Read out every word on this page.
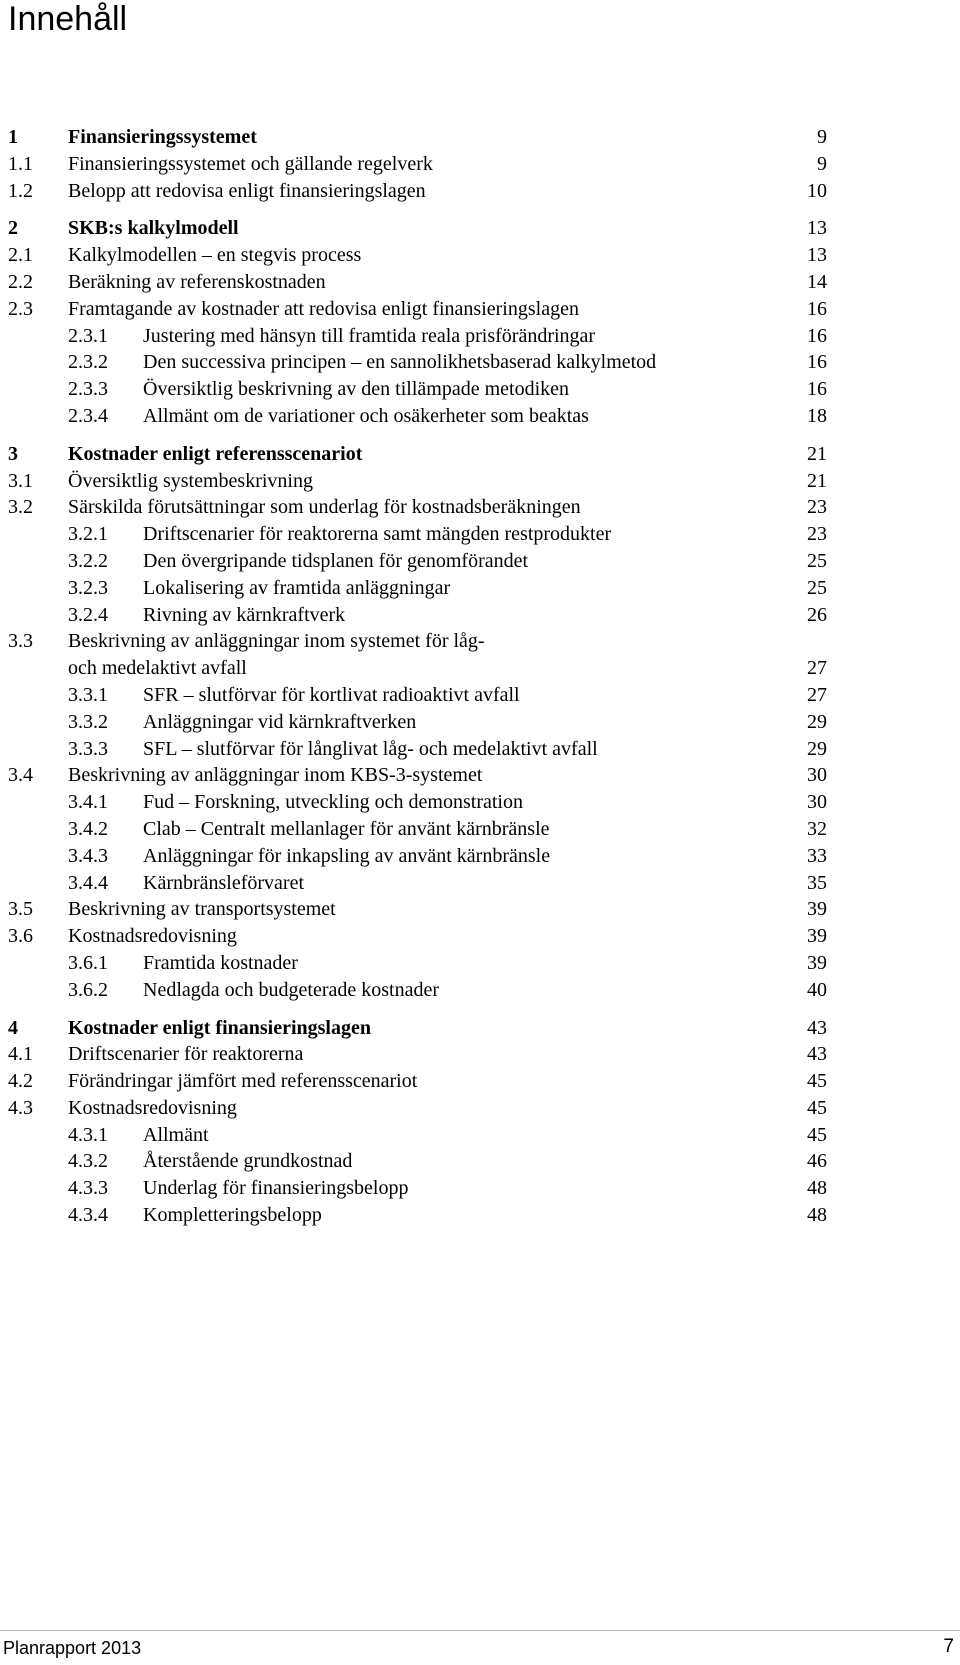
Innehåll
1	Finansieringssystemet	9
1.1 Finansieringssystemet och gällande regelverk	9
1.2 Belopp att redovisa enligt finansieringslagen	10
2	SKB:s kalkylmodell	13
2.1 Kalkylmodellen – en stegvis process	13
2.2 Beräkning av referenskostnaden	14
2.3 Framtagande av kostnader att redovisa enligt finansieringslagen	16
2.3.1 Justering med hänsyn till framtida reala prisförändringar	16
2.3.2 Den successiva principen – en sannolikhetsbaserad kalkylmetod	16
2.3.3 Översiktlig beskrivning av den tillämpade metodiken	16
2.3.4 Allmänt om de variationer och osäkerheter som beaktas	18
3	Kostnader enligt referensscenariot	21
3.1 Översiktlig systembeskrivning	21
3.2 Särskilda förutsättningar som underlag för kostnadsberäkningen	23
3.2.1 Driftscenarier för reaktorerna samt mängden restprodukter	23
3.2.2 Den övergripande tidsplanen för genomförandet	25
3.2.3 Lokalisering av framtida anläggningar	25
3.2.4 Rivning av kärnkraftverk	26
3.3 Beskrivning av anläggningar inom systemet för låg-
och medelaktivt avfall	27
3.3.1 SFR – slutförvar för kortlivat radioaktivt avfall	27
3.3.2 Anläggningar vid kärnkraftverken	29
3.3.3 SFL – slutförvar för långlivat låg- och medelaktivt avfall	29
3.4 Beskrivning av anläggningar inom KBS-3-systemet	30
3.4.1 Fud – Forskning, utveckling och demonstration	30
3.4.2 Clab – Centralt mellanlager för använt kärnbränsle	32
3.4.3 Anläggningar för inkapsling av använt kärnbränsle	33
3.4.4 Kärnbränsleförvaret	35
3.5 Beskrivning av transportsystemet	39
3.6 Kostnadsredovisning	39
3.6.1 Framtida kostnader	39
3.6.2 Nedlagda och budgeterade kostnader	40
4	Kostnader enligt finansieringslagen	43
4.1 Driftscenarier för reaktorerna	43
4.2 Förändringar jämfört med referensscenariot	45
4.3 Kostnadsredovisning	45
4.3.1 Allmänt	45
4.3.2 Återstående grundkostnad	46
4.3.3 Underlag för finansieringsbelopp	48
4.3.4 Kompletteringsbelopp	48
Planrapport 2013	7
